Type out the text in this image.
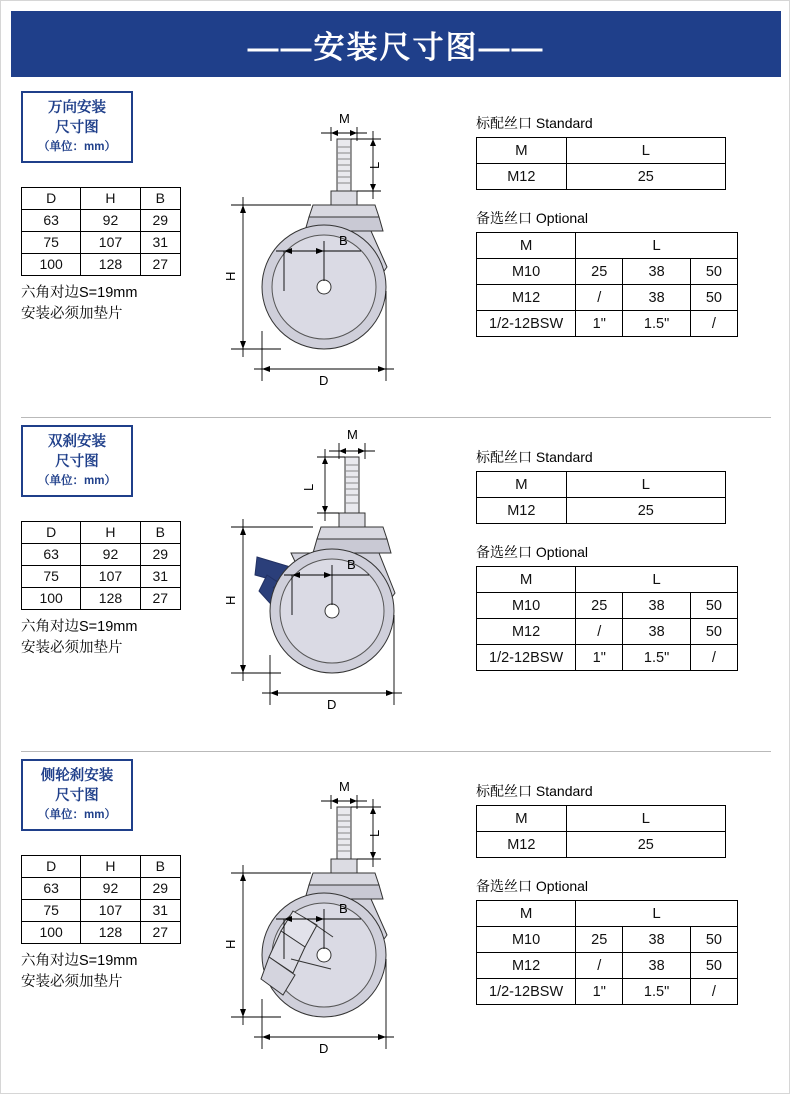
——安装尺寸图——
万向安装
尺寸图
（单位：mm）
D	H	B
63	92	29
75	107	31
100	128	27
六角对边S=19mm
安装必须加垫片
M
L
B
H
D
标配丝口 Standard
M	L
M12	25
备选丝口 Optional
M	L		
M10	25	38	50
M12	/	38	50
1/2-12BSW	1"	1.5"	/
双刹安装
尺寸图
（单位：mm）
D	H	B
63	92	29
75	107	31
100	128	27
六角对边S=19mm
安装必须加垫片
M
L
B
H
D
标配丝口 Standard
M	L
M12	25
备选丝口 Optional
M	L		
M10	25	38	50
M12	/	38	50
1/2-12BSW	1"	1.5"	/
侧轮刹安装
尺寸图
（单位：mm）
D	H	B
63	92	29
75	107	31
100	128	27
六角对边S=19mm
安装必须加垫片
M
L
B
H
D
标配丝口 Standard
M	L
M12	25
备选丝口 Optional
M	L		
M10	25	38	50
M12	/	38	50
1/2-12BSW	1"	1.5"	/
